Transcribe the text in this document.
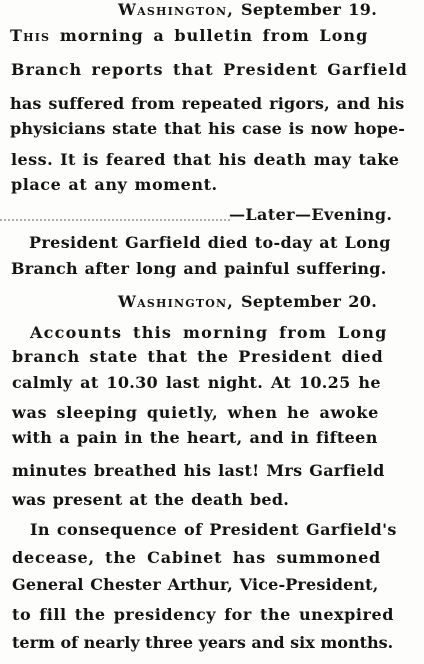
Washington, September 19.
This morning a bulletin from Long
Branch reports that President Garfield
has suffered from repeated rigors, and his
physicians state that his case is now hope-
less. It is feared that his death may take
place at any moment.
—Later—Evening.
President Garfield died to-day at Long
Branch after long and painful suffering.
Washington, September 20.
Accounts this morning from Long
branch state that the President died
calmly at 10.30 last night. At 10.25 he
was sleeping quietly, when he awoke
with a pain in the heart, and in fifteen
minutes breathed his last! Mrs Garfield
was present at the death bed.
In consequence of President Garfield's
decease, the Cabinet has summoned
General Chester Arthur, Vice-President,
to fill the presidency for the unexpired
term of nearly three years and six months.
